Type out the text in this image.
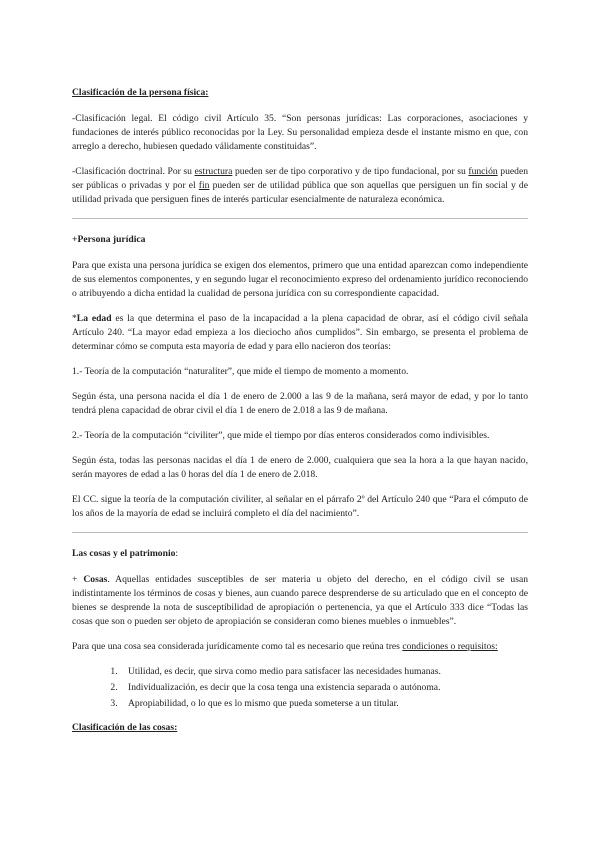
Clasificación de la persona física:

-Clasificación legal. El código civil Artículo 35. “Son personas jurídicas: Las corporaciones, asociaciones y fundaciones de interés público reconocidas por la Ley. Su personalidad empieza desde el instante mismo en que, con arreglo a derecho, hubiesen quedado válidamente constituidas”.

-Clasificación doctrinal. Por su estructura pueden ser de tipo corporativo y de tipo fundacional, por su función pueden ser públicas o privadas y por el fin pueden ser de utilidad pública que son aquellas que persiguen un fin social y de utilidad privada que persiguen fines de interés particular esencialmente de naturaleza económica.

+Persona jurídica

Para que exista una persona jurídica se exigen dos elementos, primero que una entidad aparezcan como independiente de sus elementos componentes, y en segundo lugar el reconocimiento expreso del ordenamiento jurídico reconociendo o atribuyendo a dicha entidad la cualidad de persona jurídica con su correspondiente capacidad.

*La edad es la que determina el paso de la incapacidad a la plena capacidad de obrar, así el código civil señala Artículo 240. “La mayor edad empieza a los dieciocho años cumplidos”. Sin embargo, se presenta el problema de determinar cómo se computa esta mayoría de edad y para ello nacieron dos teorías:

1.- Teoría de la computación “naturaliter”, que mide el tiempo de momento a momento.

Según ésta, una persona nacida el día 1 de enero de 2.000 a las 9 de la mañana, será mayor de edad, y por lo tanto tendrá plena capacidad de obrar civil el día 1 de enero de 2.018 a las 9 de mañana.

2.- Teoría de la computación “civiliter”, que mide el tiempo por días enteros considerados como indivisibles.

Según ésta, todas las personas nacidas el día 1 de enero de 2.000, cualquiera que sea la hora a la que hayan nacido, serán mayores de edad a las 0 horas del día 1 de enero de 2.018.

El CC. sigue la teoría de la computación civiliter, al señalar en el párrafo 2º del Artículo 240 que “Para el cómputo de los años de la mayoría de edad se incluirá completo el día del nacimiento”.

Las cosas y el patrimonio:

+ Cosas. Aquellas entidades susceptibles de ser materia u objeto del derecho, en el código civil se usan indistintamente los términos de cosas y bienes, aun cuando parece desprenderse de su articulado que en el concepto de bienes se desprende la nota de susceptibilidad de apropiación o pertenencia, ya que el Artículo 333 dice “Todas las cosas que son o pueden ser objeto de apropiación se consideran como bienes muebles o inmuebles”.

Para que una cosa sea considerada jurídicamente como tal es necesario que reúna tres condiciones o requisitos:

1. Utilidad, es decir, que sirva como medio para satisfacer las necesidades humanas.
2. Individualización, es decir que la cosa tenga una existencia separada o autónoma.
3. Apropiabilidad, o lo que es lo mismo que pueda someterse a un titular.

Clasificación de las cosas:
